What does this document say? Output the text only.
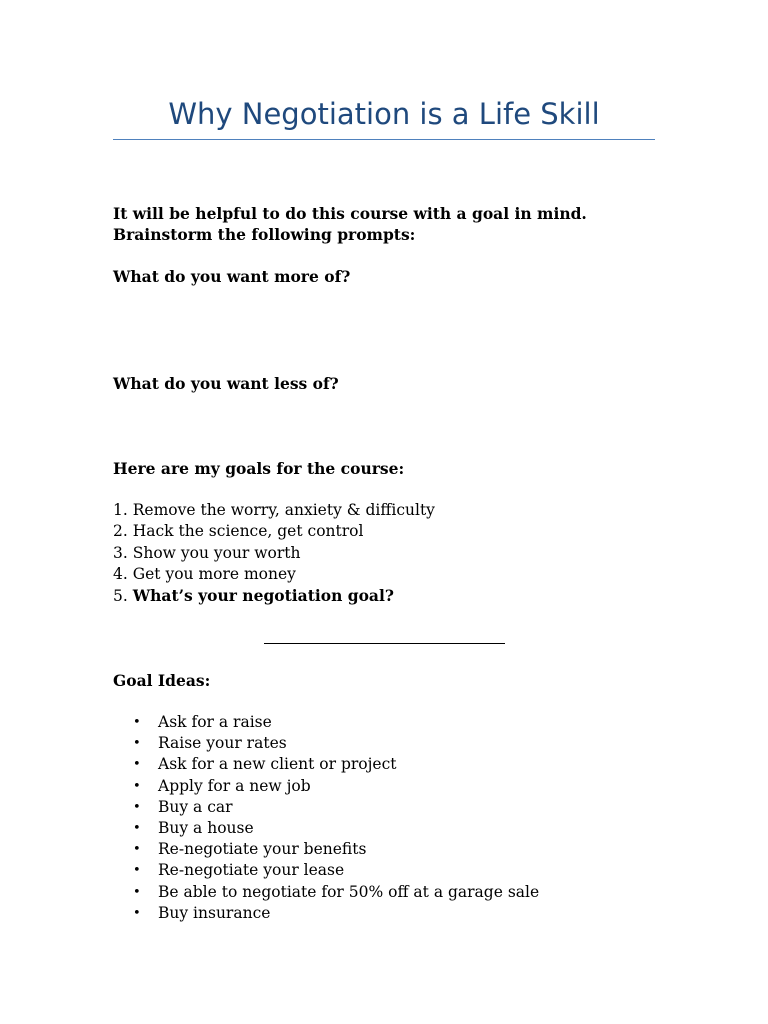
Why Negotiation is a Life Skill

It will be helpful to do this course with a goal in mind. Brainstorm the following prompts:

What do you want more of?

What do you want less of?

Here are my goals for the course:

1. Remove the worry, anxiety & difficulty
2. Hack the science, get control
3. Show you your worth
4. Get you more money
5. What’s your negotiation goal?

Goal Ideas:

•	Ask for a raise
•	Raise your rates
•	Ask for a new client or project
•	Apply for a new job
•	Buy a car
•	Buy a house
•	Re-negotiate your benefits
•	Re-negotiate your lease
•	Be able to negotiate for 50% off at a garage sale
•	Buy insurance
